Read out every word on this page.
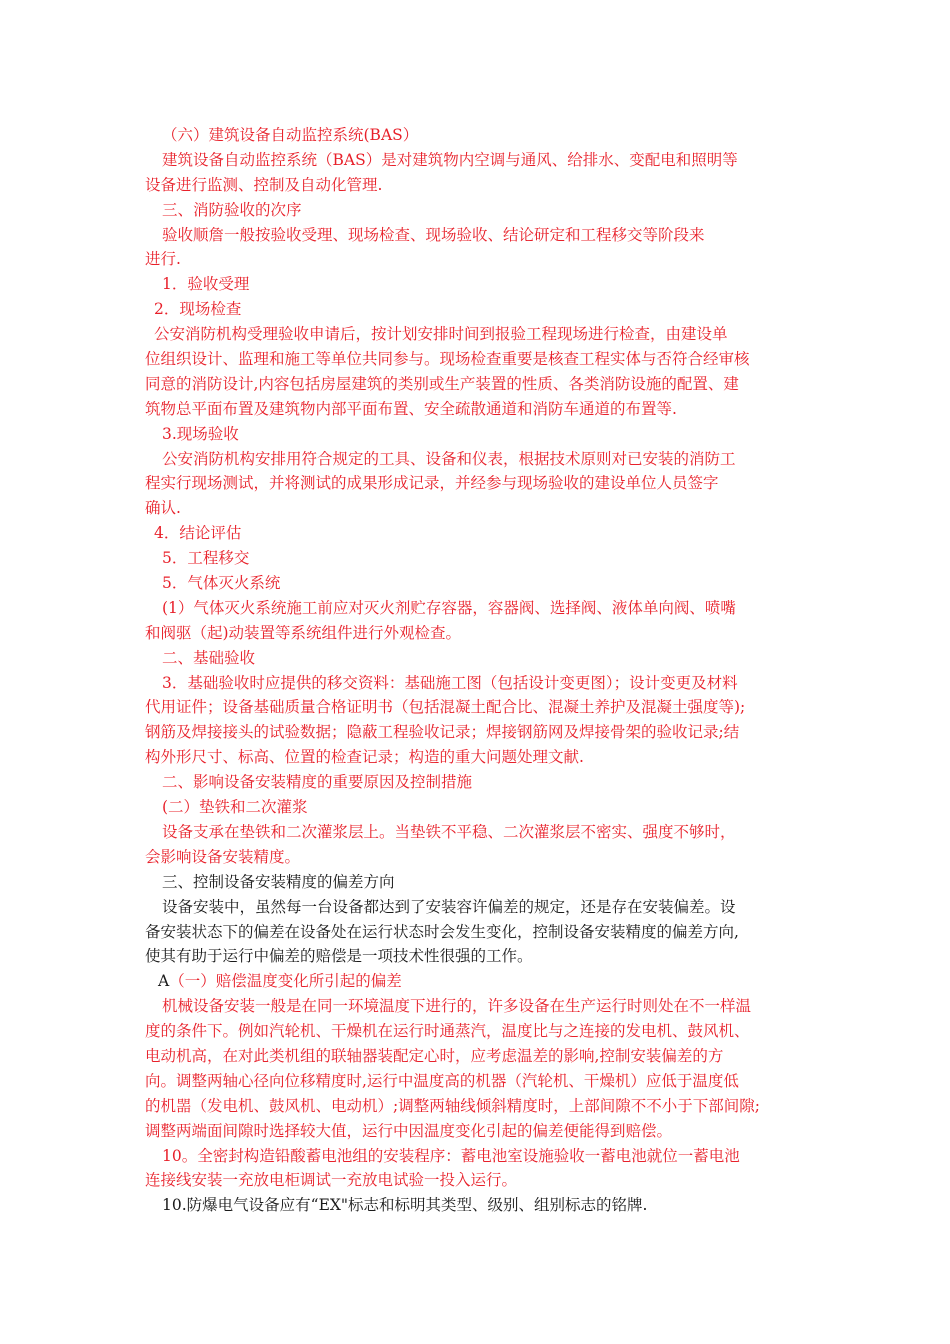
（六）建筑设备自动监控系统(BAS）
建筑设备自动监控系统（BAS）是对建筑物内空调与通风、给排水、变配电和照明等
设备进行监测、控制及自动化管理.
三、消防验收的次序
验收顺詹一般按验收受理、现场检查、现场验收、结论研定和工程移交等阶段来
进行.
1．验收受理
2．现场检查
公安消防机构受理验收申请后，按计划安排时间到报验工程现场进行检查，由建设单
位组织设计、监理和施工等单位共同参与。现场检查重要是核查工程实体与否符合经审核
同意的消防设计,内容包括房屋建筑的类别或生产装置的性质、各类消防设施的配置、建
筑物总平面布置及建筑物内部平面布置、安全疏散通道和消防车通道的布置等.
3.现场验收
公安消防机构安排用符合规定的工具、设备和仪表，根据技术原则对已安装的消防工
程实行现场测试，并将测试的成果形成记录，并经参与现场验收的建设单位人员签字
确认.
4．结论评估
5．工程移交
5．气体灭火系统
(1）气体灭火系统施工前应对灭火剂贮存容器，容器阀、选择阀、液体单向阀、喷嘴
和阀驱（起)动装置等系统组件进行外观检查。
二、基础验收
3．基础验收时应提供的移交资料：基础施工图（包括设计变更图）；设计变更及材料
代用证件；设备基础质量合格证明书（包括混凝土配合比、混凝土养护及混凝土强度等);
钢筋及焊接接头的试验数据；隐蔽工程验收记录；焊接钢筋网及焊接骨架的验收记录;结
构外形尺寸、标高、位置的检查记录；构造的重大问题处理文献.
二、影响设备安装精度的重要原因及控制措施
(二）垫铁和二次灌浆
设备支承在垫铁和二次灌浆层上。当垫铁不平稳、二次灌浆层不密实、强度不够时，
会影响设备安装精度。
三、控制设备安装精度的偏差方向
设备安装中，虽然每一台设备都达到了安装容许偏差的规定，还是存在安装偏差。设
备安装状态下的偏差在设备处在运行状态时会发生变化，控制设备安装精度的偏差方向,
使其有助于运行中偏差的赔偿是一项技术性很强的工作。
A（一）赔偿温度变化所引起的偏差
机械设备安装一般是在同一环境温度下进行的，许多设备在生产运行时则处在不一样温
度的条件下。例如汽轮机、干燥机在运行时通蒸汽，温度比与之连接的发电机、鼓风机、
电动机高，在对此类机组的联轴器装配定心时，应考虑温差的影响,控制安装偏差的方
向。调整两轴心径向位移精度时,运行中温度高的机器（汽轮机、干燥机）应低于温度低
的机噐（发电机、鼓风机、电动机）;调整两轴线倾斜精度时，上部间隙不不小于下部间隙;
调整两端面间隙时选择较大值，运行中因温度变化引起的偏差便能得到赔偿。
10。全密封构造铅酸蓄电池组的安装程序：蓄电池室设施验收一蓄电池就位一蓄电池
连接线安装一充放电柜调试一充放电试验一投入运行。
10.防爆电气设备应有“EX"标志和标明其类型、级别、组别标志的铭牌.
